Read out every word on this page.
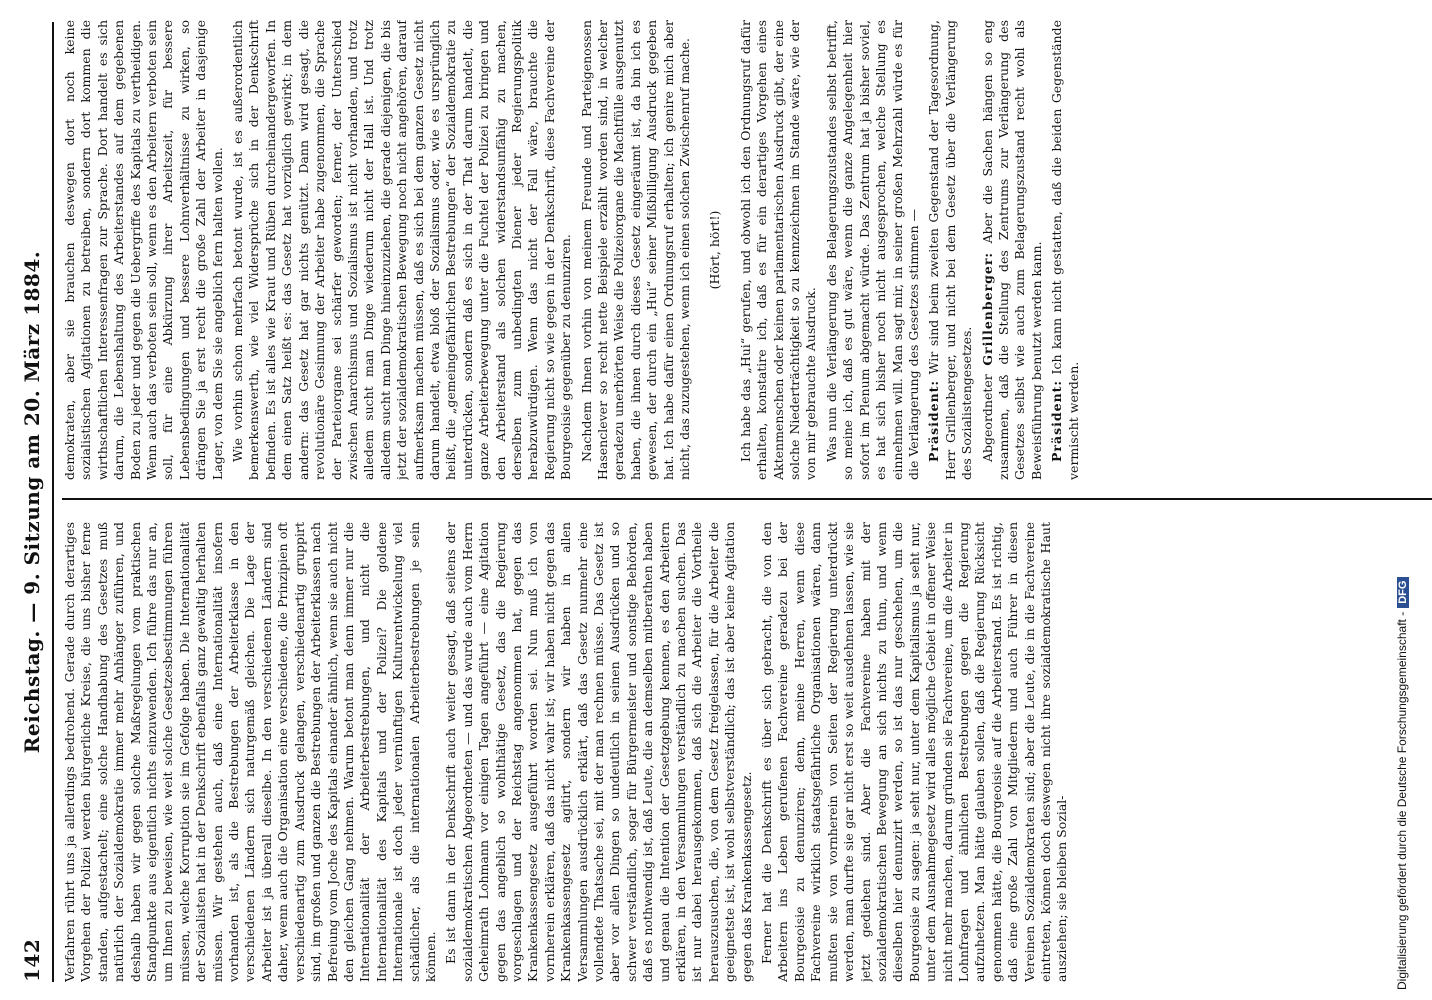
142
Reichstag. — 9. Sitzung am 20. März 1884. Verfahren rührt uns ja allerdings bedrohend. Gerade durch derartiges Vorgehen der Polizei werden bürgerliche Kreise, die uns bisher ferne standen, aufgestachelt; eine solche Handhabung des Gesetzes muß natürlich der Sozialdemokratie immer mehr Anhänger zuführen, und deshalb haben wir gegen solche Maßregelungen vom praktischen Standpunkte aus eigentlich nichts einzuwenden. Ich führe das nur an, um Ihnen zu beweisen, wie weit solche Gesetzesbestimmungen führen müssen, welche Korruption sie im Gefolge haben. Die Internationalität der Sozialisten hat in der Denkschrift ebenfalls ganz gewaltig herhalten müssen. Wir gestehen auch, daß eine Internationalität insofern vorhanden ist, als die Bestrebungen der Arbeiterklasse in den verschiedenen Ländern sich naturgemäß gleichen. Die Lage der Arbeiter ist ja überall dieselbe. In den verschiedenen Ländern sind daher, wenn auch die Organisation eine verschiedene, die Prinzipien oft verschiedenartig zum Ausdruck gelangen, verschiedenartig gruppirt sind, im großen und ganzen die Bestrebungen der Arbeiterklassen nach Befreiung vom Joche des Kapitals einander ähnlich, wenn sie auch nicht den gleichen Gang nehmen. Warum betont man denn immer nur die Internationalität der Arbeiterbestrebungen, und nicht die Internationalität des Kapitals und der Polizei? Die goldene Internationale ist doch jeder vernünftigen Kulturentwickelung viel schädlicher, als die internationalen Arbeiterbestrebungen je sein können. Es ist dann in der Denkschrift auch weiter gesagt, daß seitens der sozialdemokratischen Abgeordneten — und das wurde auch vom Herrn Geheimrath Lohmann vor einigen Tagen angeführt — eine Agitation gegen das angeblich so wohlthätige Gesetz, das die Regierung vorgeschlagen und der Reichstag angenommen hat, gegen das Krankenkassengesetz ausgeführt worden sei. Nun muß ich von vornherein erklären, daß das nicht wahr ist; wir haben nicht gegen das Krankenkassengesetz agitirt, sondern wir haben in allen Versammlungen ausdrücklich erklärt, daß das Gesetz nunmehr eine vollendete Thatsache sei, mit der man rechnen müsse. Das Gesetz ist aber vor allen Dingen so undeutlich in seinen Ausdrücken und so schwer verständlich, sogar für Bürgermeister und sonstige Behörden, daß es nothwendig ist, daß Leute, die an demselben mitberathen haben und genau die Intention der Gesetzgebung kennen, es den Arbeitern erklären, in den Versammlungen verständlich zu machen suchen. Das ist nur dabei herausgekommen, daß sich die Arbeiter die Vortheile herauszusuchen, die, von dem Gesetz freigelassen, für die Arbeiter die geeignetste ist, ist wohl selbstverständlich; das ist aber keine Agitation gegen das Krankenkassengesetz. Ferner hat die Denkschrift es über sich gebracht, die von den Arbeitern ins Leben gerufenen Fachvereine geradezu bei der Bourgeoisie zu denunziren; denn, meine Herren, wenn diese Fachvereine wirklich staatsgefährliche Organisationen wären, dann mußten sie von vornherein von Seiten der Regierung unterdrückt werden, man durfte sie gar nicht erst so weit ausdehnen lassen, wie sie jetzt gediehen sind. Aber die Fachvereine haben mit der sozialdemokratischen Bewegung an sich nichts zu thun, und wenn dieselben hier denunzirt werden, so ist das nur geschehen, um die Bourgeoisie zu sagen: ja seht nur, unter dem Kapitalismus ja seht nur, unter dem Ausnahmegesetz wird alles mögliche Gebiet in offener Weise nicht mehr machen, darum gründen sie Fachvereine, um die Arbeiter in Lohnfragen und ähnlichen Bestrebungen gegen die Regierung aufzuhetzen. Man hätte glauben sollen, daß die Regierung Rücksicht genommen hätte, die Bourgeoisie auf die Arbeiterstand. Es ist richtig, daß eine große Zahl von Mitgliedern und auch Führer in diesen Vereinen Sozialdemokraten sind; aber die Leute, die in die Fachvereine eintreten, können doch deswegen nicht ihre sozialdemokratische Haut ausziehen; sie bleiben Sozial-

demokraten, aber sie brauchen deswegen dort noch keine sozialistischen Agitationen zu betreiben, sondern dort kommen die wirthschaftlichen Interessenfragen zur Sprache. Dort handelt es sich darum, die Lebenshaltung des Arbeiterstandes auf dem gegebenen Boden zu jeder und gegen die Uebergriffe des Kapitals zu vertheidigen. Wenn auch das verboten sein soll, wenn es den Arbeitern verboten sein soll, für eine Abkürzung ihrer Arbeitszeit, für bessere Lebensbedingungen und bessere Lohnverhältnisse zu wirken, so drängen Sie ja erst recht die große Zahl der Arbeiter in dasjenige Lager, von dem Sie sie angeblich fern halten wollen. Wie vorhin schon mehrfach betont wurde, ist es außerordentlich bemerkenswerth, wie viel Widersprüche sich in der Denkschrift befinden. Es ist alles wie Kraut und Rüben durcheinandergeworfen. In dem einen Satz heißt es: das Gesetz hat vorzüglich gewirkt; in dem andern: das Gesetz hat gar nichts genützt. Dann wird gesagt, die revolutionäre Gesinnung der Arbeiter habe zugenommen, die Sprache der Parteiorgane sei schärfer geworden; ferner, der Unterschied zwischen Anarchismus und Sozialismus ist nicht vorhanden, und trotz alledem sucht man Dinge wiederum nicht der Hall ist. Und trotz alledem sucht man Dinge hineinzuziehen, die gerade diejenigen, die bis jetzt der sozialdemokratischen Bewegung noch nicht angehören, darauf aufmerksam machen müssen, daß es sich bei dem ganzen Gesetz nicht darum handelt, etwa bloß der Sozialismus oder, wie es ursprünglich heißt, die „gemeingefährlichen Bestrebungen“ der Sozialdemokratie zu unterdrücken, sondern daß es sich in der That darum handelt, die ganze Arbeiterbewegung unter die Fuchtel der Polizei zu bringen und den Arbeiterstand als solchen widerstandsunfähig zu machen, derselben zum unbedingten Diener jeder Regierungspolitik herabzuwürdigen. Wenn das nicht der Fall wäre, brauchte die Regierung nicht so wie gegen in der Denkschrift, diese Fachvereine der Bourgeoisie gegenüber zu denunziren. Nachdem Ihnen vorhin von meinem Freunde und Parteigenossen Hasenclever so recht nette Beispiele erzählt worden sind, in welcher geradezu unerhörten Weise die Polizeiorgane die Machtfülle ausgenutzt haben, die ihnen durch dieses Gesetz eingeräumt ist, da bin ich es gewesen, der durch ein „Hui“ seiner Mißbilligung Ausdruck gegeben hat. Ich habe dafür einen Ordnungsruf erhalten; ich genire mich aber nicht, das zuzugestehen, wenn ich einen solchen Zwischenruf mache. (Hört, hört!) Ich habe das „Hui“ gerufen, und obwohl ich den Ordnungsruf dafür erhalten, konstatire ich, daß es für ein derartiges Vorgehen eines Aktenmenschen oder keinen parlamentarischen Ausdruck gibt, der eine solche Niederträchtigkeit so zu kennzeichnen im Stande wäre, wie der von mir gebrauchte Ausdruck. Was nun die Verlängerung des Belagerungszustandes selbst betrifft, so meine ich, daß es gut wäre, wenn die ganze Angelegenheit hier sofort im Plenum abgemacht würde. Das Zentrum hat ja bisher soviel, es hat sich bisher noch nicht ausgesprochen, welche Stellung es einnehmen will. Man sagt mir, in seiner großen Mehrzahl würde es für die Verlängerung des Gesetzes stimmen — Präsident: Wir sind beim zweiten Gegenstand der Tagesordnung, Herr Grillenberger, und nicht bei dem Gesetz über die Verlängerung des Sozialistengesetzes. Abgeordneter Grillenberger: Aber die Sachen hängen so eng zusammen, daß die Stellung des Zentrums zur Verlängerung des Gesetzes selbst wie auch zum Belagerungszustand recht wohl als Beweisführung benutzt werden kann. Präsident: Ich kann nicht gestatten, daß die beiden Gegenstände vermischt werden.

Digitalisierung gefördert durch die Deutsche Forschungsgemeinschaft -DFG
